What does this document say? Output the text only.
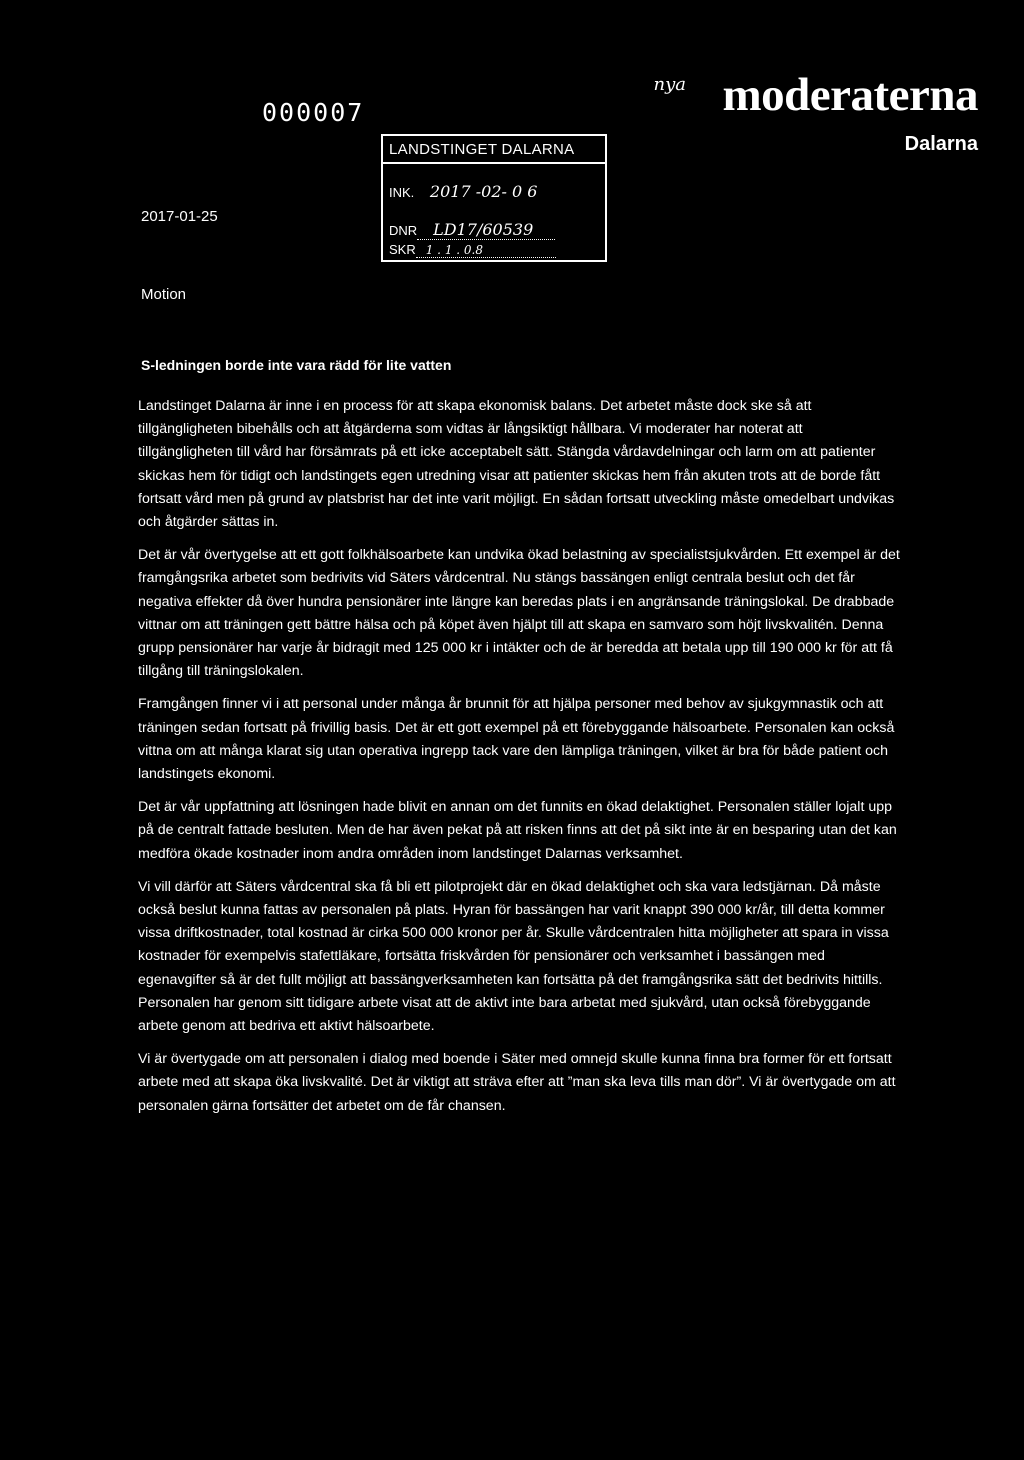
000007
nya moderaterna
Dalarna
LANDSTINGET DALARNA
INK. 2017 -02- 0 6
DNR LD17/60539
SKR 1 . 1 . 0.8
2017-01-25
Motion
S-ledningen borde inte vara rädd för lite vatten

Landstinget Dalarna är inne i en process för att skapa ekonomisk balans. Det arbetet måste dock ske så att tillgängligheten bibehålls och att åtgärderna som vidtas är långsiktigt hållbara. Vi moderater har noterat att tillgängligheten till vård har försämrats på ett icke acceptabelt sätt. Stängda vårdavdelningar och larm om att patienter skickas hem för tidigt och landstingets egen utredning visar att patienter skickas hem från akuten trots att de borde fått fortsatt vård men på grund av platsbrist har det inte varit möjligt. En sådan fortsatt utveckling måste omedelbart undvikas och åtgärder sättas in.

Det är vår övertygelse att ett gott folkhälsoarbete kan undvika ökad belastning av specialistsjukvården. Ett exempel är det framgångsrika arbetet som bedrivits vid Säters vårdcentral. Nu stängs bassängen enligt centrala beslut och det får negativa effekter då över hundra pensionärer inte längre kan beredas plats i en angränsande träningslokal. De drabbade vittnar om att träningen gett bättre hälsa och på köpet även hjälpt till att skapa en samvaro som höjt livskvalitén. Denna grupp pensionärer har varje år bidragit med 125 000 kr i intäkter och de är beredda att betala upp till 190 000 kr för att få tillgång till träningslokalen.

Framgången finner vi i att personal under många år brunnit för att hjälpa personer med behov av sjukgymnastik och att träningen sedan fortsatt på frivillig basis. Det är ett gott exempel på ett förebyggande hälsoarbete. Personalen kan också vittna om att många klarat sig utan operativa ingrepp tack vare den lämpliga träningen, vilket är bra för både patient och landstingets ekonomi.

Det är vår uppfattning att lösningen hade blivit en annan om det funnits en ökad delaktighet. Personalen ställer lojalt upp på de centralt fattade besluten. Men de har även pekat på att risken finns att det på sikt inte är en besparing utan det kan medföra ökade kostnader inom andra områden inom landstinget Dalarnas verksamhet.

Vi vill därför att Säters vårdcentral ska få bli ett pilotprojekt där en ökad delaktighet och ska vara ledstjärnan. Då måste också beslut kunna fattas av personalen på plats. Hyran för bassängen har varit knappt 390 000 kr/år, till detta kommer vissa driftkostnader, total kostnad är cirka 500 000 kronor per år. Skulle vårdcentralen hitta möjligheter att spara in vissa kostnader för exempelvis stafettläkare, fortsätta friskvården för pensionärer och verksamhet i bassängen med egenavgifter så är det fullt möjligt att bassängverksamheten kan fortsätta på det framgångsrika sätt det bedrivits hittills. Personalen har genom sitt tidigare arbete visat att de aktivt inte bara arbetat med sjukvård, utan också förebyggande arbete genom att bedriva ett aktivt hälsoarbete.

Vi är övertygade om att personalen i dialog med boende i Säter med omnejd skulle kunna finna bra former för ett fortsatt arbete med att skapa öka livskvalité. Det är viktigt att sträva efter att ”man ska leva tills man dör”. Vi är övertygade om att personalen gärna fortsätter det arbetet om de får chansen.
